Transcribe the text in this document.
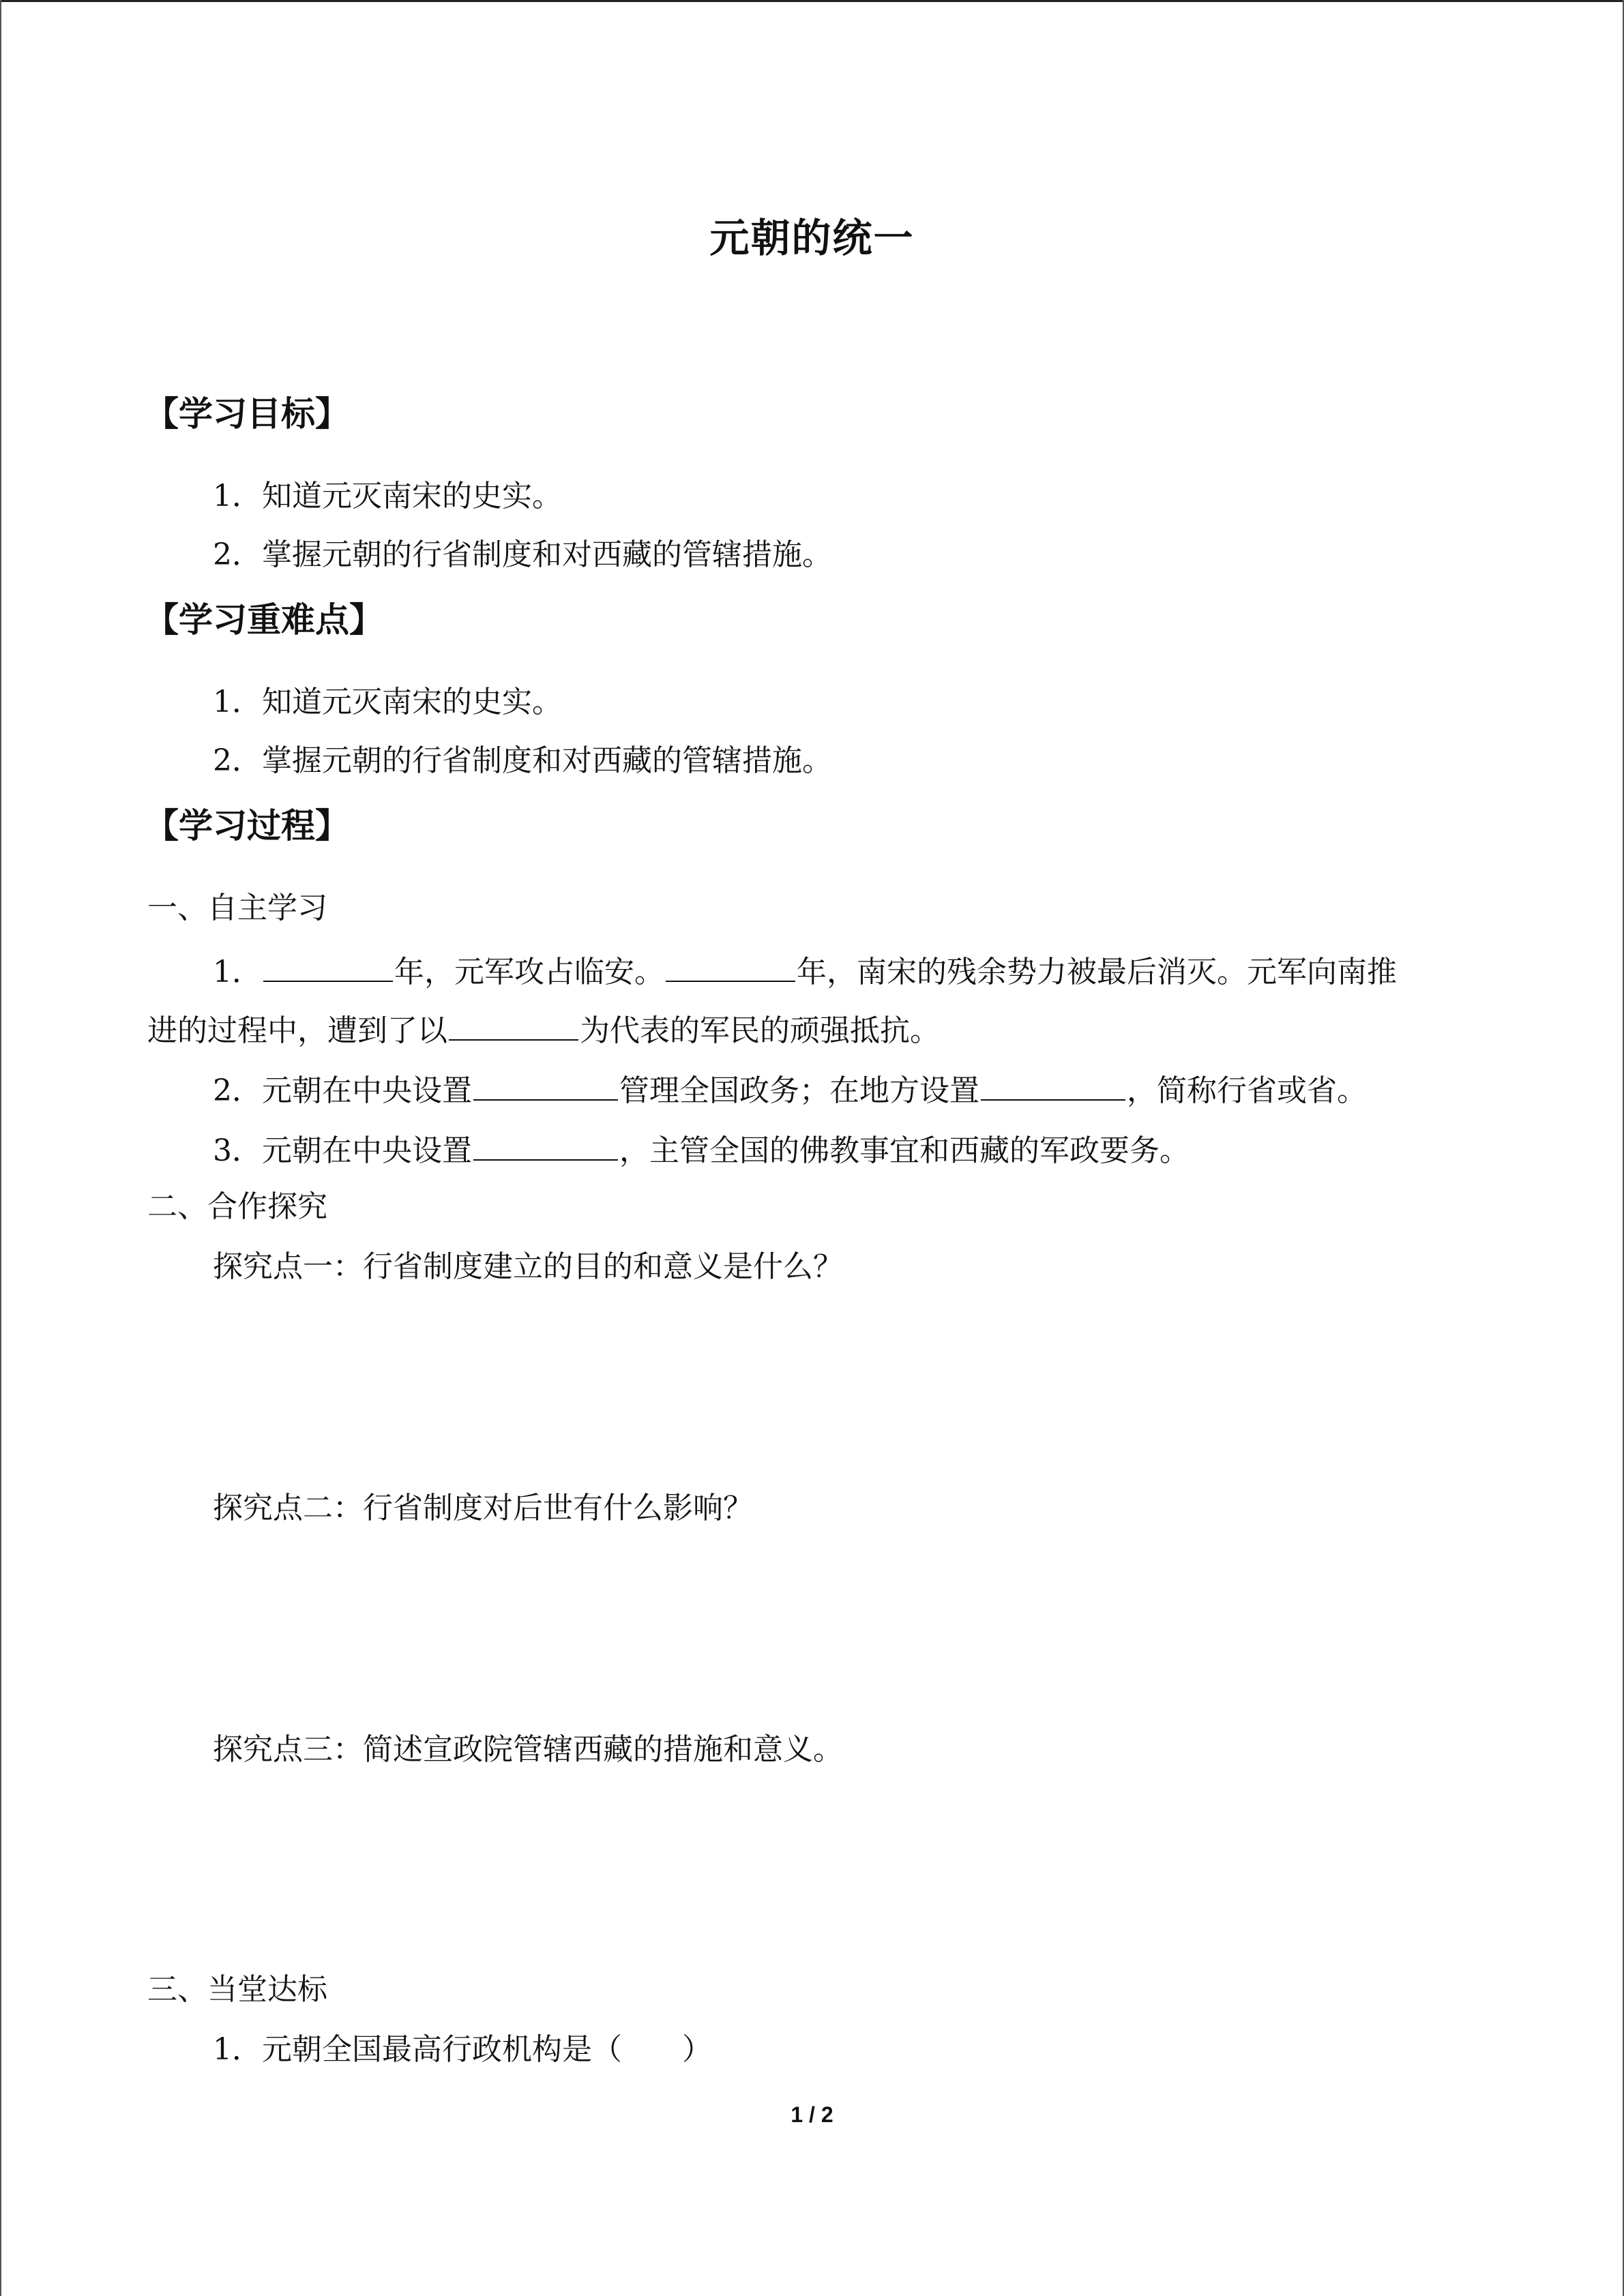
元朝的统一
【学习目标】
1．知道元灭南宋的史实。
2．掌握元朝的行省制度和对西藏的管辖措施。
【学习重难点】
1．知道元灭南宋的史实。
2．掌握元朝的行省制度和对西藏的管辖措施。
【学习过程】
一、自主学习
1．	年，元军攻占临安。	年，南宋的残余势力被最后消灭。元军向南推
进的过程中，遭到了以	为代表的军民的顽强抵抗。
2．元朝在中央设置	管理全国政务；在地方设置	，简称行省或省。
3．元朝在中央设置	，主管全国的佛教事宜和西藏的军政要务。
二、合作探究
探究点一：行省制度建立的目的和意义是什么？
探究点二：行省制度对后世有什么影响？
探究点三：简述宣政院管辖西藏的措施和意义。
三、当堂达标
1．元朝全国最高行政机构是（　　）
1 / 2
